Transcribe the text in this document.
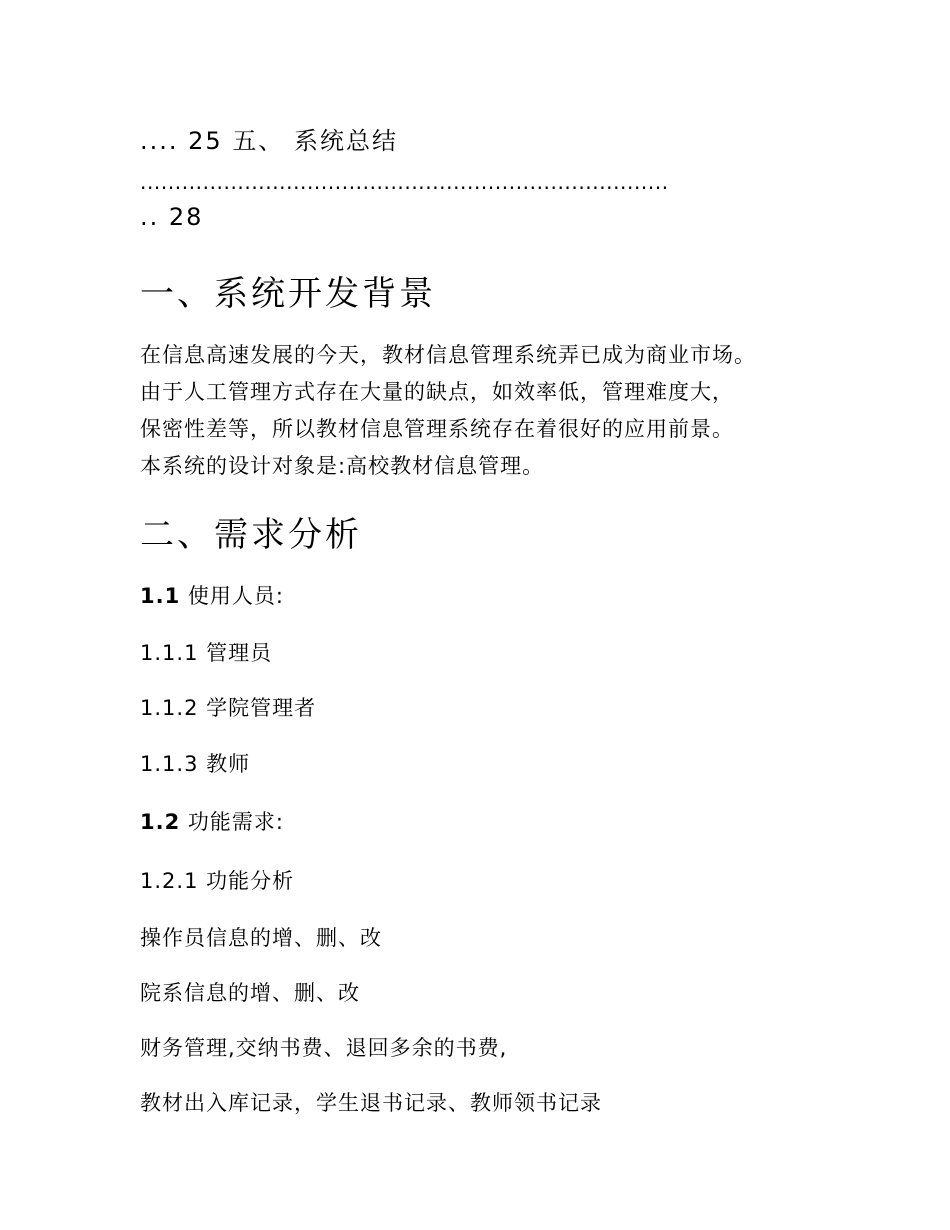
.... 25 五、 系统总结
............................................................................
.. 28
一、系统开发背景
在信息高速发展的今天，教材信息管理系统弄已成为商业市场。
由于人工管理方式存在大量的缺点，如效率低，管理难度大，
保密性差等，所以教材信息管理系统存在着很好的应用前景。
本系统的设计对象是:高校教材信息管理。
二、需求分析
1.1 使用人员:
1.1.1 管理员
1.1.2 学院管理者
1.1.3 教师
1.2 功能需求:
1.2.1 功能分析
操作员信息的增、删、改
院系信息的增、删、改
财务管理,交纳书费、退回多余的书费,
教材出入库记录，学生退书记录、教师领书记录
